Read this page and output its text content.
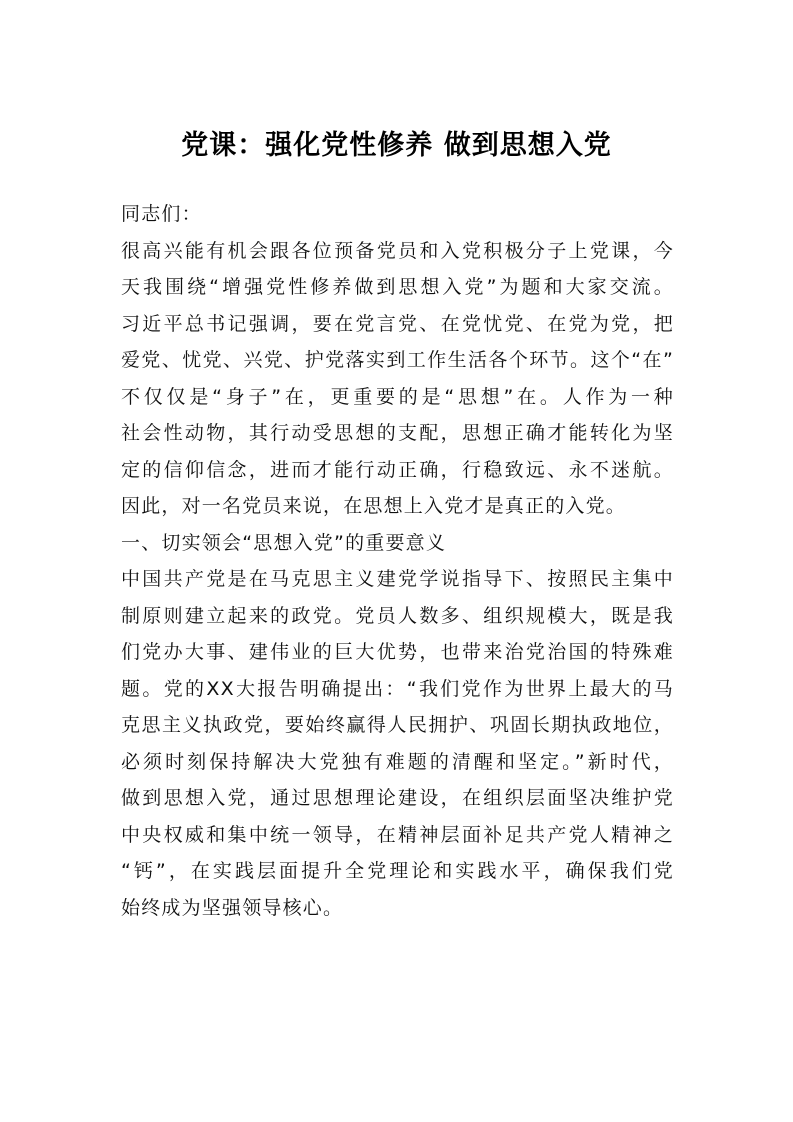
党课：强化党性修养 做到思想入党
同志们：
很高兴能有机会跟各位预备党员和入党积极分子上党课，今
天我围绕“增强党性修养做到思想入党”为题和大家交流。
习近平总书记强调，要在党言党、在党忧党、在党为党，把
爱党、忧党、兴党、护党落实到工作生活各个环节。这个“在”
不仅仅是“身子”在，更重要的是“思想”在。人作为一种
社会性动物，其行动受思想的支配，思想正确才能转化为坚
定的信仰信念，进而才能行动正确，行稳致远、永不迷航。
因此，对一名党员来说，在思想上入党才是真正的入党。
一、切实领会“思想入党”的重要意义
中国共产党是在马克思主义建党学说指导下、按照民主集中
制原则建立起来的政党。党员人数多、组织规模大，既是我
们党办大事、建伟业的巨大优势，也带来治党治国的特殊难
题。党的XX大报告明确提出：“我们党作为世界上最大的马
克思主义执政党，要始终赢得人民拥护、巩固长期执政地位，
必须时刻保持解决大党独有难题的清醒和坚定。”新时代，
做到思想入党，通过思想理论建设，在组织层面坚决维护党
中央权威和集中统一领导，在精神层面补足共产党人精神之
“钙”，在实践层面提升全党理论和实践水平，确保我们党
始终成为坚强领导核心。
